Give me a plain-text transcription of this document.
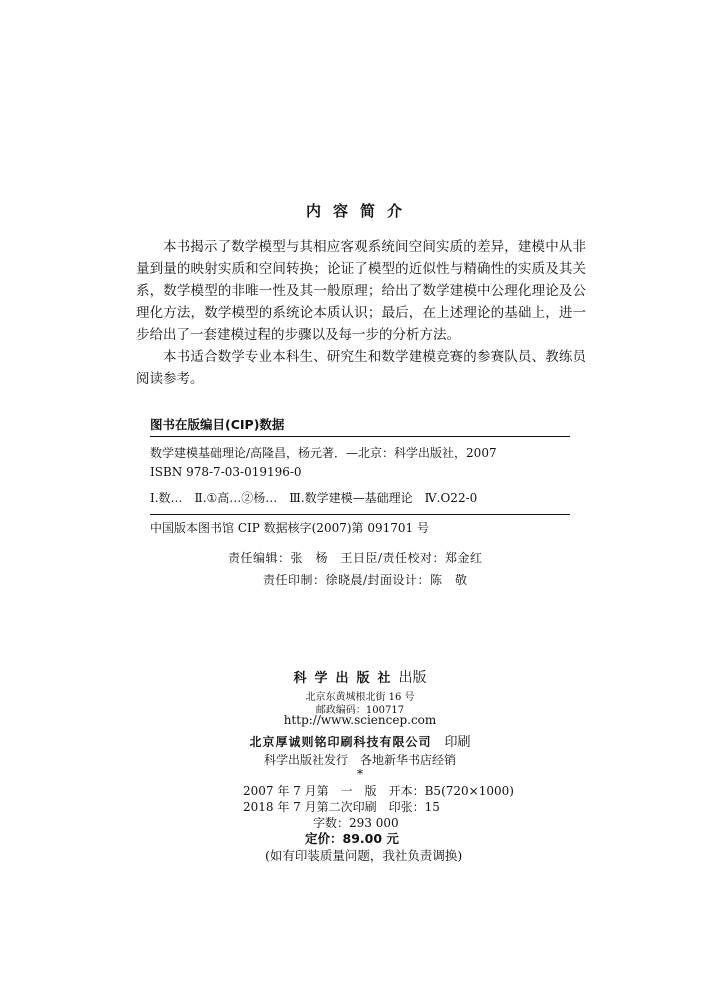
内容简介

本书揭示了数学模型与其相应客观系统间空间实质的差异，建模中从非量到量的映射实质和空间转换；论证了模型的近似性与精确性的实质及其关系，数学模型的非唯一性及其一般原理；给出了数学建模中公理化理论及公理化方法，数学模型的系统论本质认识；最后，在上述理论的基础上，进一步给出了一套建模过程的步骤以及每一步的分析方法。

本书适合数学专业本科生、研究生和数学建模竞赛的参赛队员、教练员阅读参考。

图书在版编目(CIP)数据
数学建模基础理论/高隆昌，杨元著．—北京：科学出版社，2007
ISBN 978-7-03-019196-0
Ⅰ.数…　Ⅱ.①高…②杨…　Ⅲ.数学建模—基础理论　Ⅳ.O22-0
中国版本图书馆 CIP 数据核字(2007)第 091701 号
责任编辑：张　杨　王日臣/责任校对：郑金红
责任印制：徐晓晨/封面设计：陈　敬
科学出版社出版
北京东黄城根北街 16 号
邮政编码：100717
http://www.sciencep.com
北京厚诚则铭印刷科技有限公司　 印刷
科学出版社发行　各地新华书店经销
*
2007 年 7 月第　一　版　开本：B5(720×1000)
2018 年 7 月第二次印刷　印张：15
字数：293 000
定价：89.00 元
(如有印装质量问题，我社负责调换)
